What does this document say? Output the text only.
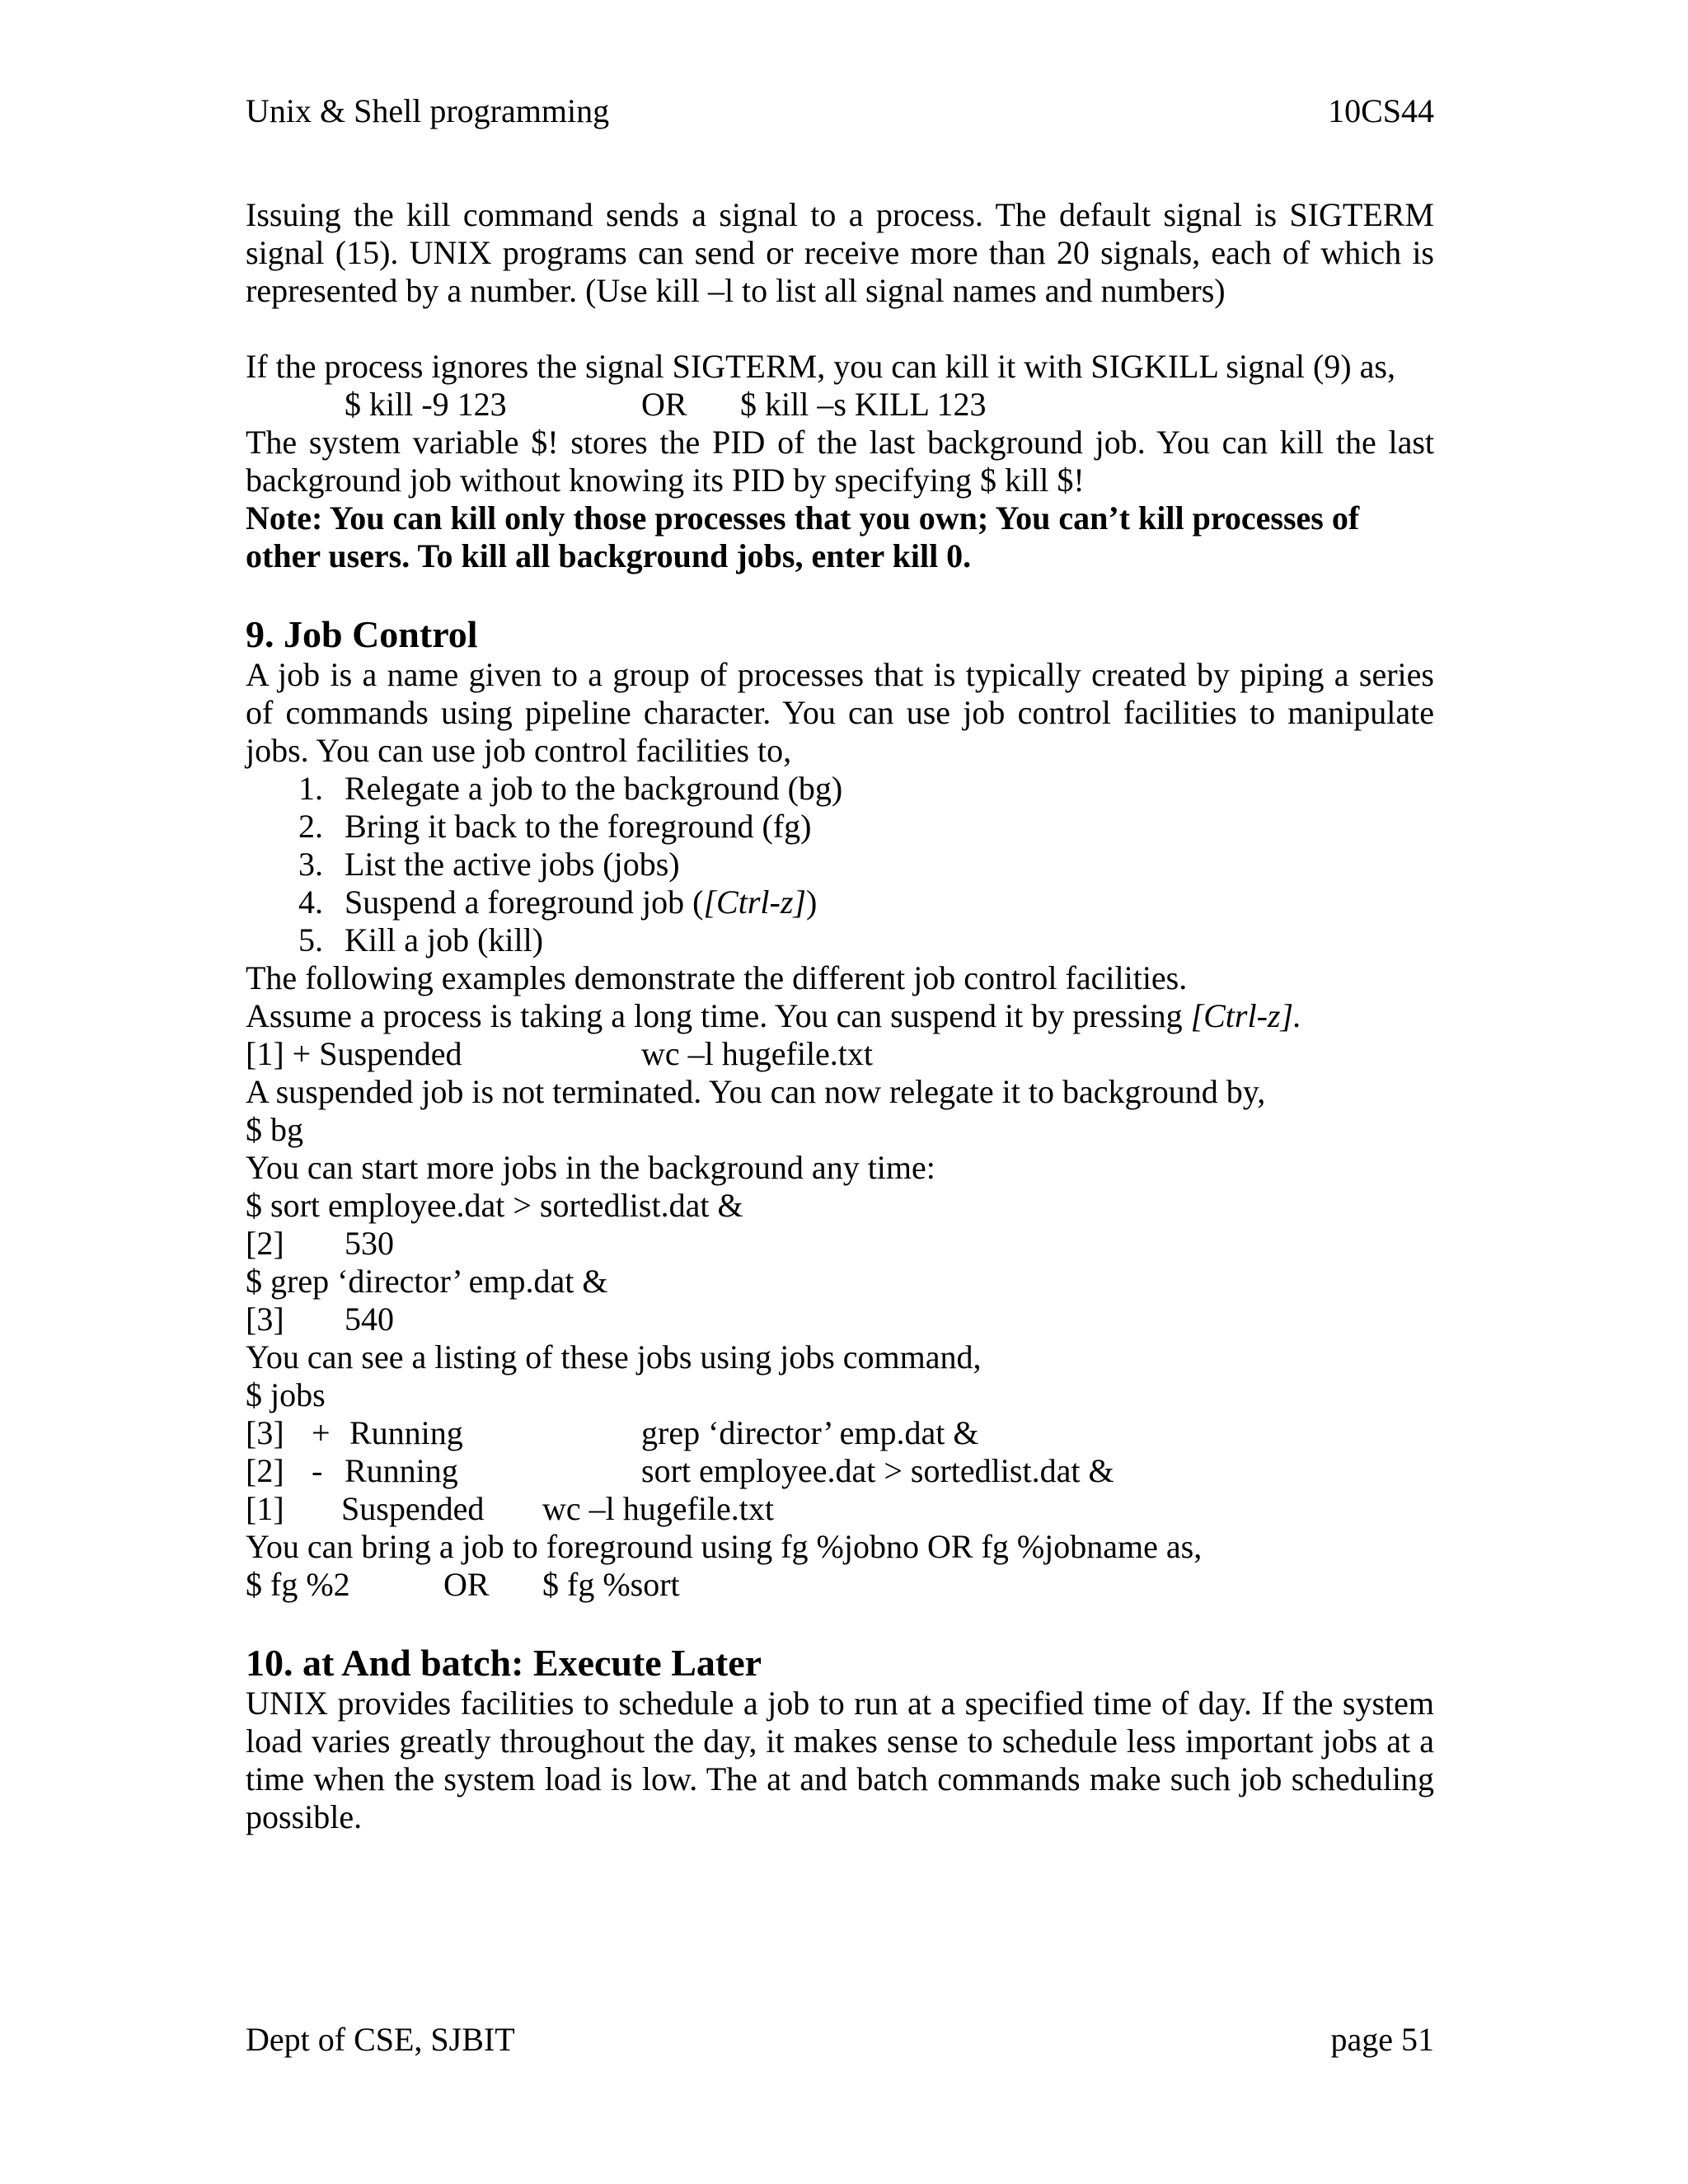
Unix & Shell programming	10CS44

Issuing the kill command sends a signal to a process. The default signal is SIGTERM signal (15). UNIX programs can send or receive more than 20 signals, each of which is represented by a number. (Use kill –l to list all signal names and numbers)

If the process ignores the signal SIGTERM, you can kill it with SIGKILL signal (9) as,

$ kill -9 123	OR $ kill –s KILL 123

The system variable $! stores the PID of the last background job. You can kill the last background job without knowing its PID by specifying $ kill $!

Note: You can kill only those processes that you own; You can’t kill processes of other users. To kill all background jobs, enter kill 0.

9. Job Control

A job is a name given to a group of processes that is typically created by piping a series of commands using pipeline character. You can use job control facilities to manipulate jobs. You can use job control facilities to,

1. Relegate a job to the background (bg)
2. Bring it back to the foreground (fg)
3. List the active jobs (jobs)
4. Suspend a foreground job ([Ctrl-z])
5. Kill a job (kill)

The following examples demonstrate the different job control facilities.

Assume a process is taking a long time. You can suspend it by pressing [Ctrl-z].

[1] + Suspended	wc –l hugefile.txt

A suspended job is not terminated. You can now relegate it to background by,

$ bg

You can start more jobs in the background any time:

$ sort employee.dat > sortedlist.dat &

[2] 530

$ grep ‘director’ emp.dat &

[3] 540

You can see a listing of these jobs using jobs command,

$ jobs

[3] + Running	grep ‘director’ emp.dat &
[2] - Running	sort employee.dat > sortedlist.dat &
[1] Suspended wc –l hugefile.txt

You can bring a job to foreground using fg %jobno OR fg %jobname as,

$ fg %2	OR $ fg %sort
10. at And batch: Execute Later

UNIX provides facilities to schedule a job to run at a specified time of day. If the system load varies greatly throughout the day, it makes sense to schedule less important jobs at a time when the system load is low. The at and batch commands make such job scheduling possible.

Dept of CSE, SJBIT	page 51
